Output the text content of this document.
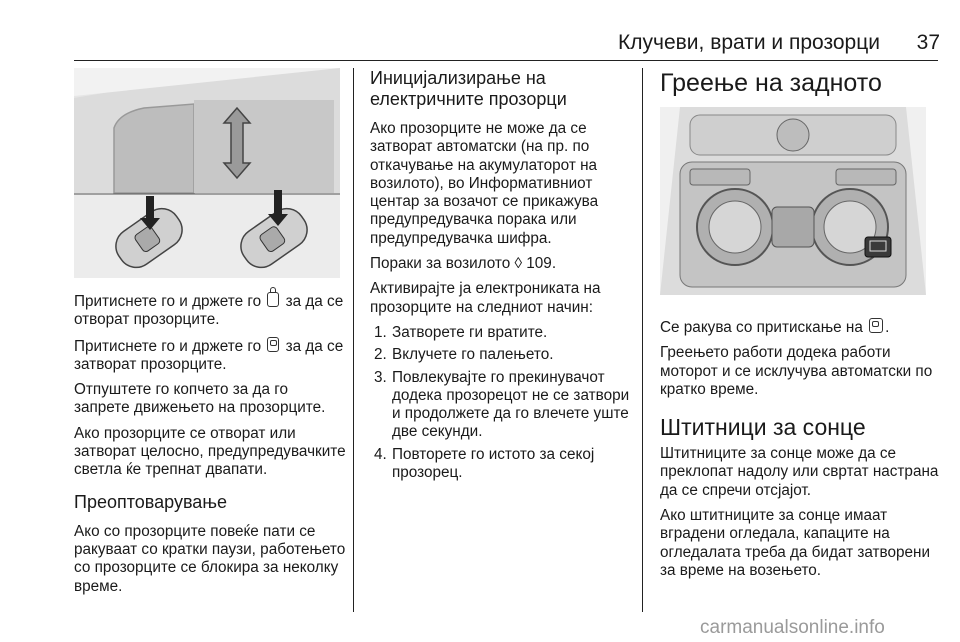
Клучеви, врати и прозорци	37

Притиснете го и држете го  за да се отворат прозорците.

Притиснете го и држете го  за да се затворат прозорците.

Отпуштете го копчето за да го запрете движењето на прозорците.

Ако прозорците се отворат или затворат целосно, предупредувачките светла ќе трепнат двапати.

Преоптоварување

Ако со прозорците повеќе пати се ракуваат со кратки паузи, работењето со прозорците се блокира за неколку време.

Иницијализирање на електричните прозорци

Ако прозорците не може да се затворат автоматски (на пр. по откачување на акумулаторот на возилото), во Информативниот центар за возачот се прикажува предупредувачка порака или предупредувачка шифра.

Пораки за возилото ◊ 109.

Активирајте ја електрониката на прозорците на следниот начин:

1. Затворете ги вратите.
2. Вклучете го палењето.
3. Повлекувајте го прекинувачот додека прозорецот не се затвори и продолжете да го влечете уште две секунди.
4. Повторете го истото за секој прозорец.
Греење на задното

Се ракува со притискање на .

Греењето работи додека работи моторот и се исклучува автоматски по кратко време.

Штитници за сонце

Штитниците за сонце може да се преклопат надолу или свртат настрана да се спречи отсјајот.

Ако штитниците за сонце имаат вградени огледала, капаците на огледалата треба да бидат затворени за време на возењето.

carmanualsonline.info
